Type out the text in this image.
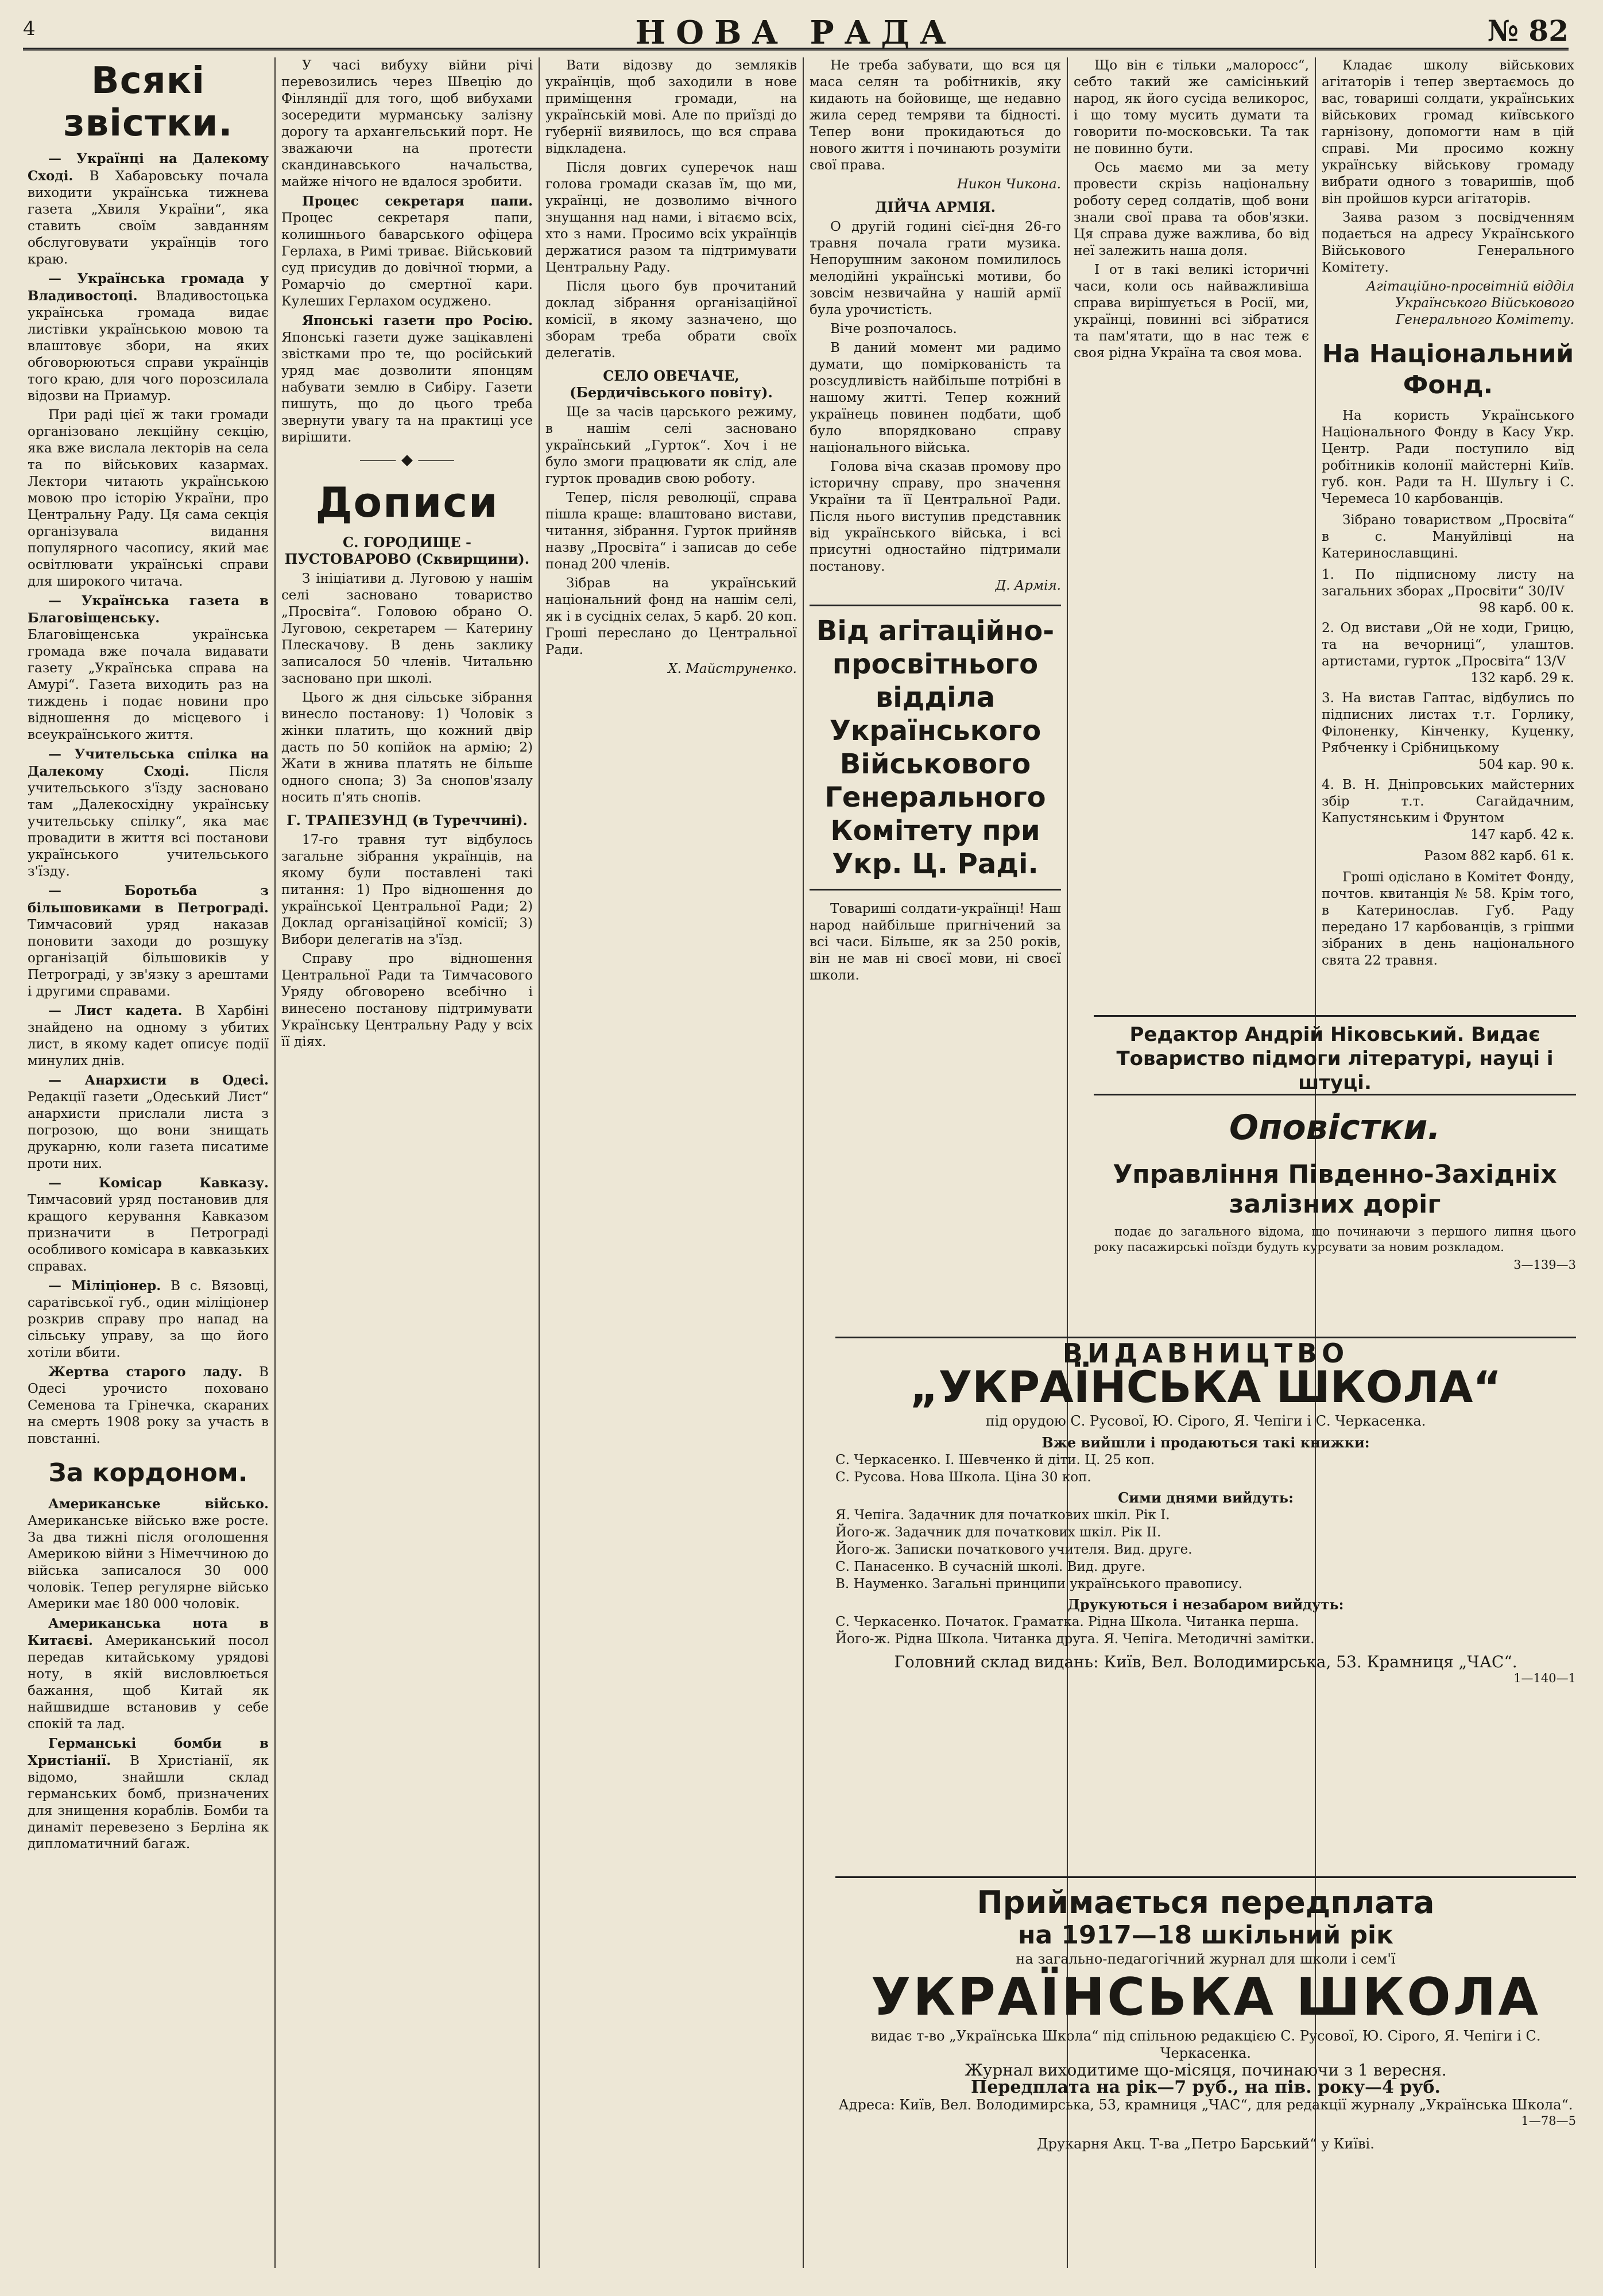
4	НОВА РАДА	№ 82
Всякі звістки.

— Українці на Далекому Сході. В Хабаровську почала виходити українська тижнева газета „Хвиля України“, яка ставить своїм завданням обслуговувати українців того краю.

— Українська громада у Владивостоці. Владивостоцька українська громада видає листівки українською мовою та влаштовує збори, на яких обговорюються справи українців того краю, для чого порозсилала відозви на Приамур.

При раді цієї ж таки громади організовано лекційну секцію, яка вже вислала лекторів на села та по військових казармах. Лектори читають українською мовою про історію України, про Центральну Раду. Ця сама секція організувала видання популярного часопису, який має освітлювати українські справи для широкого читача.

— Українська газета в Благовіщенську. Благовіщенська українська громада вже почала видавати газету „Українська справа на Амурі“. Газета виходить раз на тиждень і подає новини про відношення до місцевого і всеукраїнського життя.

— Учительська спілка на Далекому Сході.	Після учительського з'їзду засновано там „Далекосхідну українську учительську спілку“, яка має провадити в життя всі постанови українського учительського з'їзду.

— Боротьба з більшовиками в Петрограді. Тимчасовий уряд наказав поновити заходи до розшуку організацій більшовиків у Петрограді, у зв'язку з арештами і другими справами.

— Лист кадета. В Харбіні знайдено на одному з убитих лист, в якому кадет описує події минулих днів.

— Анархисти в Одесі. Редакції газети „Одеський Лист“ анархисти прислали листа з погрозою, що вони знищать друкарню, коли газета писатиме проти них.

— Комісар Кавказу. Тимчасовий уряд постановив для кращого керування Кавказом призначити в Петрограді особливого комісара в кавказьких справах.

— Міліціонер. В с. Вязовці, саратівської губ., один міліціонер розкрив справу про напад на сільську управу, за що його хотіли вбити.

Жертва старого ладу. В Одесі урочисто поховано Семенова та Грінечка, скараних на смерть 1908 року за участь в повстанні.

За кордоном.

Американське військо. Американське військо вже росте. За два тижні після оголошення Америкою війни з Німеччиною до війська записалося 30 000 чоловік. Тепер регулярне військо Америки має 180 000 чоловік.

Американська нота в Китаєві. Американський посол передав китайському урядові ноту, в якій висловлюється бажання, щоб Китай як найшвидше встановив у себе спокій та лад.

Германські бомби в Христіанії. В Христіанії, як відомо, знайшли склад германських бомб, призначених для знищення кораблів. Бомби та динаміт перевезено з Берліна як дипломатичний багаж.

У часі вибуху війни річі перевозились через Швецію до Фінляндії для того, щоб вибухами зосередити мурманську залізну дорогу та архангельський порт. Не зважаючи на протести скандинавського начальства, майже нічого не вдалося зробити.

Процес секретаря папи. Процес секретаря папи, колишнього баварського офіцера Герлаха, в Римі триває. Військовий суд присудив до довічної тюрми, а Ромарчіо до смертної кари. Кулеших Герлахом осуджено.

Японські газети про Росію. Японські газети дуже зацікавлені звістками про те, що російський уряд має дозволити японцям набувати землю в Сибіру. Газети пишуть, що до цього треба звернути увагу та на практиці усе вирішити.

⸻ ◆ ⸻
Дописи
С. ГОРОДИЩЕ - ПУСТОВАРОВО (Сквирщини).

З ініціативи д. Луговою у нашім селі засновано товариство „Просвіта“. Головою обрано О. Луговою, секретарем — Катерину Плескачову. В день заклику записалося 50 членів. Читальню засновано при школі.

Цього ж дня сільське зібрання винесло постанову: 1) Чоловік з жінки платить, що кожний двір дасть по 50 копійок на армію; 2) Жати в жнива платять не більше одного снопа; 3) За снопов'язалу носить п'ять снопів.

Г. ТРАПЕЗУНД (в Туреччині).

17-го травня тут відбулось загальне зібрання українців, на якому були поставлені такі питання: 1) Про відношення до української Центральної Ради; 2) Доклад організаційної комісії; 3) Вибори делегатів на з'їзд.

Справу про відношення Центральної Ради та Тимчасового Уряду обговорено всебічно і винесено постанову підтримувати Українську Центральну Раду у всіх її діях.

Вати відозву до земляків українців, щоб заходили в нове приміщення громади, на українській мові. Але по приїзді до губернії виявилось, що вся справа відкладена.

Після довгих суперечок наш голова громади сказав їм, що ми, українці, не дозволимо вічного знущання над нами, і вітаємо всіх, хто з нами. Просимо всіх українців держатися разом та підтримувати Центральну Раду.

Після цього був прочитаний доклад зібрання організаційної комісії, в якому зазначено, що зборам треба обрати своїх делегатів.

СЕЛО ОВЕЧАЧЕ, (Бердичівського повіту).

Ще за часів царського режиму, в нашім селі засновано український „Гурток“. Хоч і не було змоги працювати як слід, але гурток провадив свою роботу.

Тепер, після революції, справа пішла краще: влаштовано вистави, читання, зібрання. Гурток прийняв назву „Просвіта“ і записав до себе понад 200 членів.

Зібрав на український національний фонд на нашім селі, як і в сусідніх селах, 5 карб. 20 коп. Гроші переслано до Центральної Ради.

Х. Майструненко.

Не треба забувати, що вся ця маса селян та робітників, яку кидають на бойовище, ще недавно жила серед темряви та бідності. Тепер вони прокидаються до нового життя і починають розуміти свої права.

Никон Чикона.
ДІЙЧА АРМІЯ.

О другій годині сієї-дня 26-го травня почала грати музика. Непорушним законом помилилось мелодійні українські мотиви, бо зовсім незвичайна у нашій армії була урочистість.

Віче розпочалось.

В даний момент ми радимо думати, що поміркованість та розсудливість найбільше потрібні в нашому житті. Тепер кожний українець повинен подбати, щоб було впорядковано справу національного війська.

Голова віча сказав промову про історичну справу, про значення України та її Центральної Ради. Після нього виступив представник від українського війська, і всі присутні одностайно підтримали постанову.

Д. Армія.
Від агітаційно-просвітнього відділа Українського Військового Генерального Комітету при Укр. Ц. Раді.

Товариші солдати-українці! Наш народ найбільше пригнічений за всі часи. Більше, як за 250 років, він не мав ні своєї мови, ні своєї школи.

Що він є тільки „малоросс“, себто такий же самісінький народ, як його сусіда великорос, і що тому мусить думати та говорити по-московськи. Та так не повинно бути.

Ось маємо ми за мету провести скрізь національну роботу серед солдатів, щоб вони знали свої права та обов'язки. Ця справа дуже важлива, бо від неї залежить наша доля.

І от в такі великі історичні часи, коли ось найважливіша справа вирішується в Росії, ми, українці, повинні всі зібратися та пам'ятати, що в нас теж є своя рідна Україна та своя мова.

Кладає школу військових агітаторів і тепер звертаємось до вас, товариші солдати, українських військових громад київського гарнізону, допомогти нам в цій справі. Ми просимо кожну українську військову громаду вибрати одного з товаришів, щоб він пройшов курси агітаторів.

Заява разом з посвідченням подається на адресу Українського Військового Генерального Комітету.

Агітаційно-просвітній відділ Українського Військового Генерального Комітету.
На Національний Фонд.

На користь Українського Національного Фонду в Касу Укр. Центр. Ради поступило від робітників колонії майстерні Київ. губ. кон. Ради та Н. Шульгу і С. Черемеса 10 карбованців.

Зібрано товариством „Просвіта“ в с. Мануйлівці на Катеринославщині.

1. По підписному листу на загальних зборах „Просвіти“ 30/IV
98 карб. 00 к.
2. Од вистави „Ой не ходи, Грицю, та на вечорниці“, улаштов. артистами, гурток „Просвіта“ 13/V
132 карб. 29 к.
3. На вистав Гаптас, відбулись по підписних листах т.т. Горлику, Філоненку, Кінченку, Куценку, Рябченку і Срібницькому
504 кар. 90 к.
4. В. Н. Дніпровських майстерних збір т.т. Сагайдачним, Капустянським і Фрунтом
147 карб. 42 к.
Разом 882 карб. 61 к.

Гроші одіслано в Комітет Фонду, почтов. квитанція № 58. Крім того, в Катеринослав. Губ. Раду передано 17 карбованців, з грішми зібраних в день національного свята 22 травня.

Редактор Андрій Ніковський. Видає Товариство підмоги літературі, науці і штуці.
Оповістки.
Управління Південно-Західніх залізних доріг

подає до загального відома, що починаючи з першого липня цього року пасажирські поїзди будуть курсувати за новим розкладом.

3—139—3
ВИДАВНИЦТВО
„УКРАЇНСЬКА ШКОЛА“
під орудою С. Русової, Ю. Сірого, Я. Чепіги і С. Черкасенка.
Вже вийшли і продаються такі книжки:
С. Черкасенко. І. Шевченко й діти. Ц. 25 коп.
С. Русова. Нова Школа. Ціна 30 коп.
Сими днями вийдуть:
Я. Чепіга. Задачник для початкових шкіл. Рік І.
Його-ж. Задачник для початкових шкіл. Рік II.
Його-ж. Записки початкового учителя. Вид. друге.
С. Панасенко. В сучасній школі. Вид. друге.
В. Науменко. Загальні принципи українського правопису.
Друкуються і незабаром вийдуть:
С. Черкасенко. Початок. Граматка. Рідна Школа. Читанка перша.
Його-ж. Рідна Школа. Читанка друга. Я. Чепіга. Методичні замітки.
Головний склад видань: Київ, Вел. Володимирська, 53. Крамниця „ЧАС“.
1—140—1
Приймається передплата
на 1917—18 шкільний рік
на загально-педагогічний журнал для школи і сем'ї
УКРАЇНСЬКА ШКОЛА
видає т-во „Українська Школа“ під спільною редакцією С. Русової, Ю. Сірого, Я. Чепіги і С. Черкасенка.
Журнал виходитиме що-місяця, починаючи з 1 вересня.
Передплата на рік—7 руб., на пів. року—4 руб.
Адреса: Київ, Вел. Володимирська, 53, крамниця „ЧАС“, для редакції журналу „Українська Школа“.
1—78—5
Друкарня Акц. Т-ва „Петро Барський“ у Київі.
